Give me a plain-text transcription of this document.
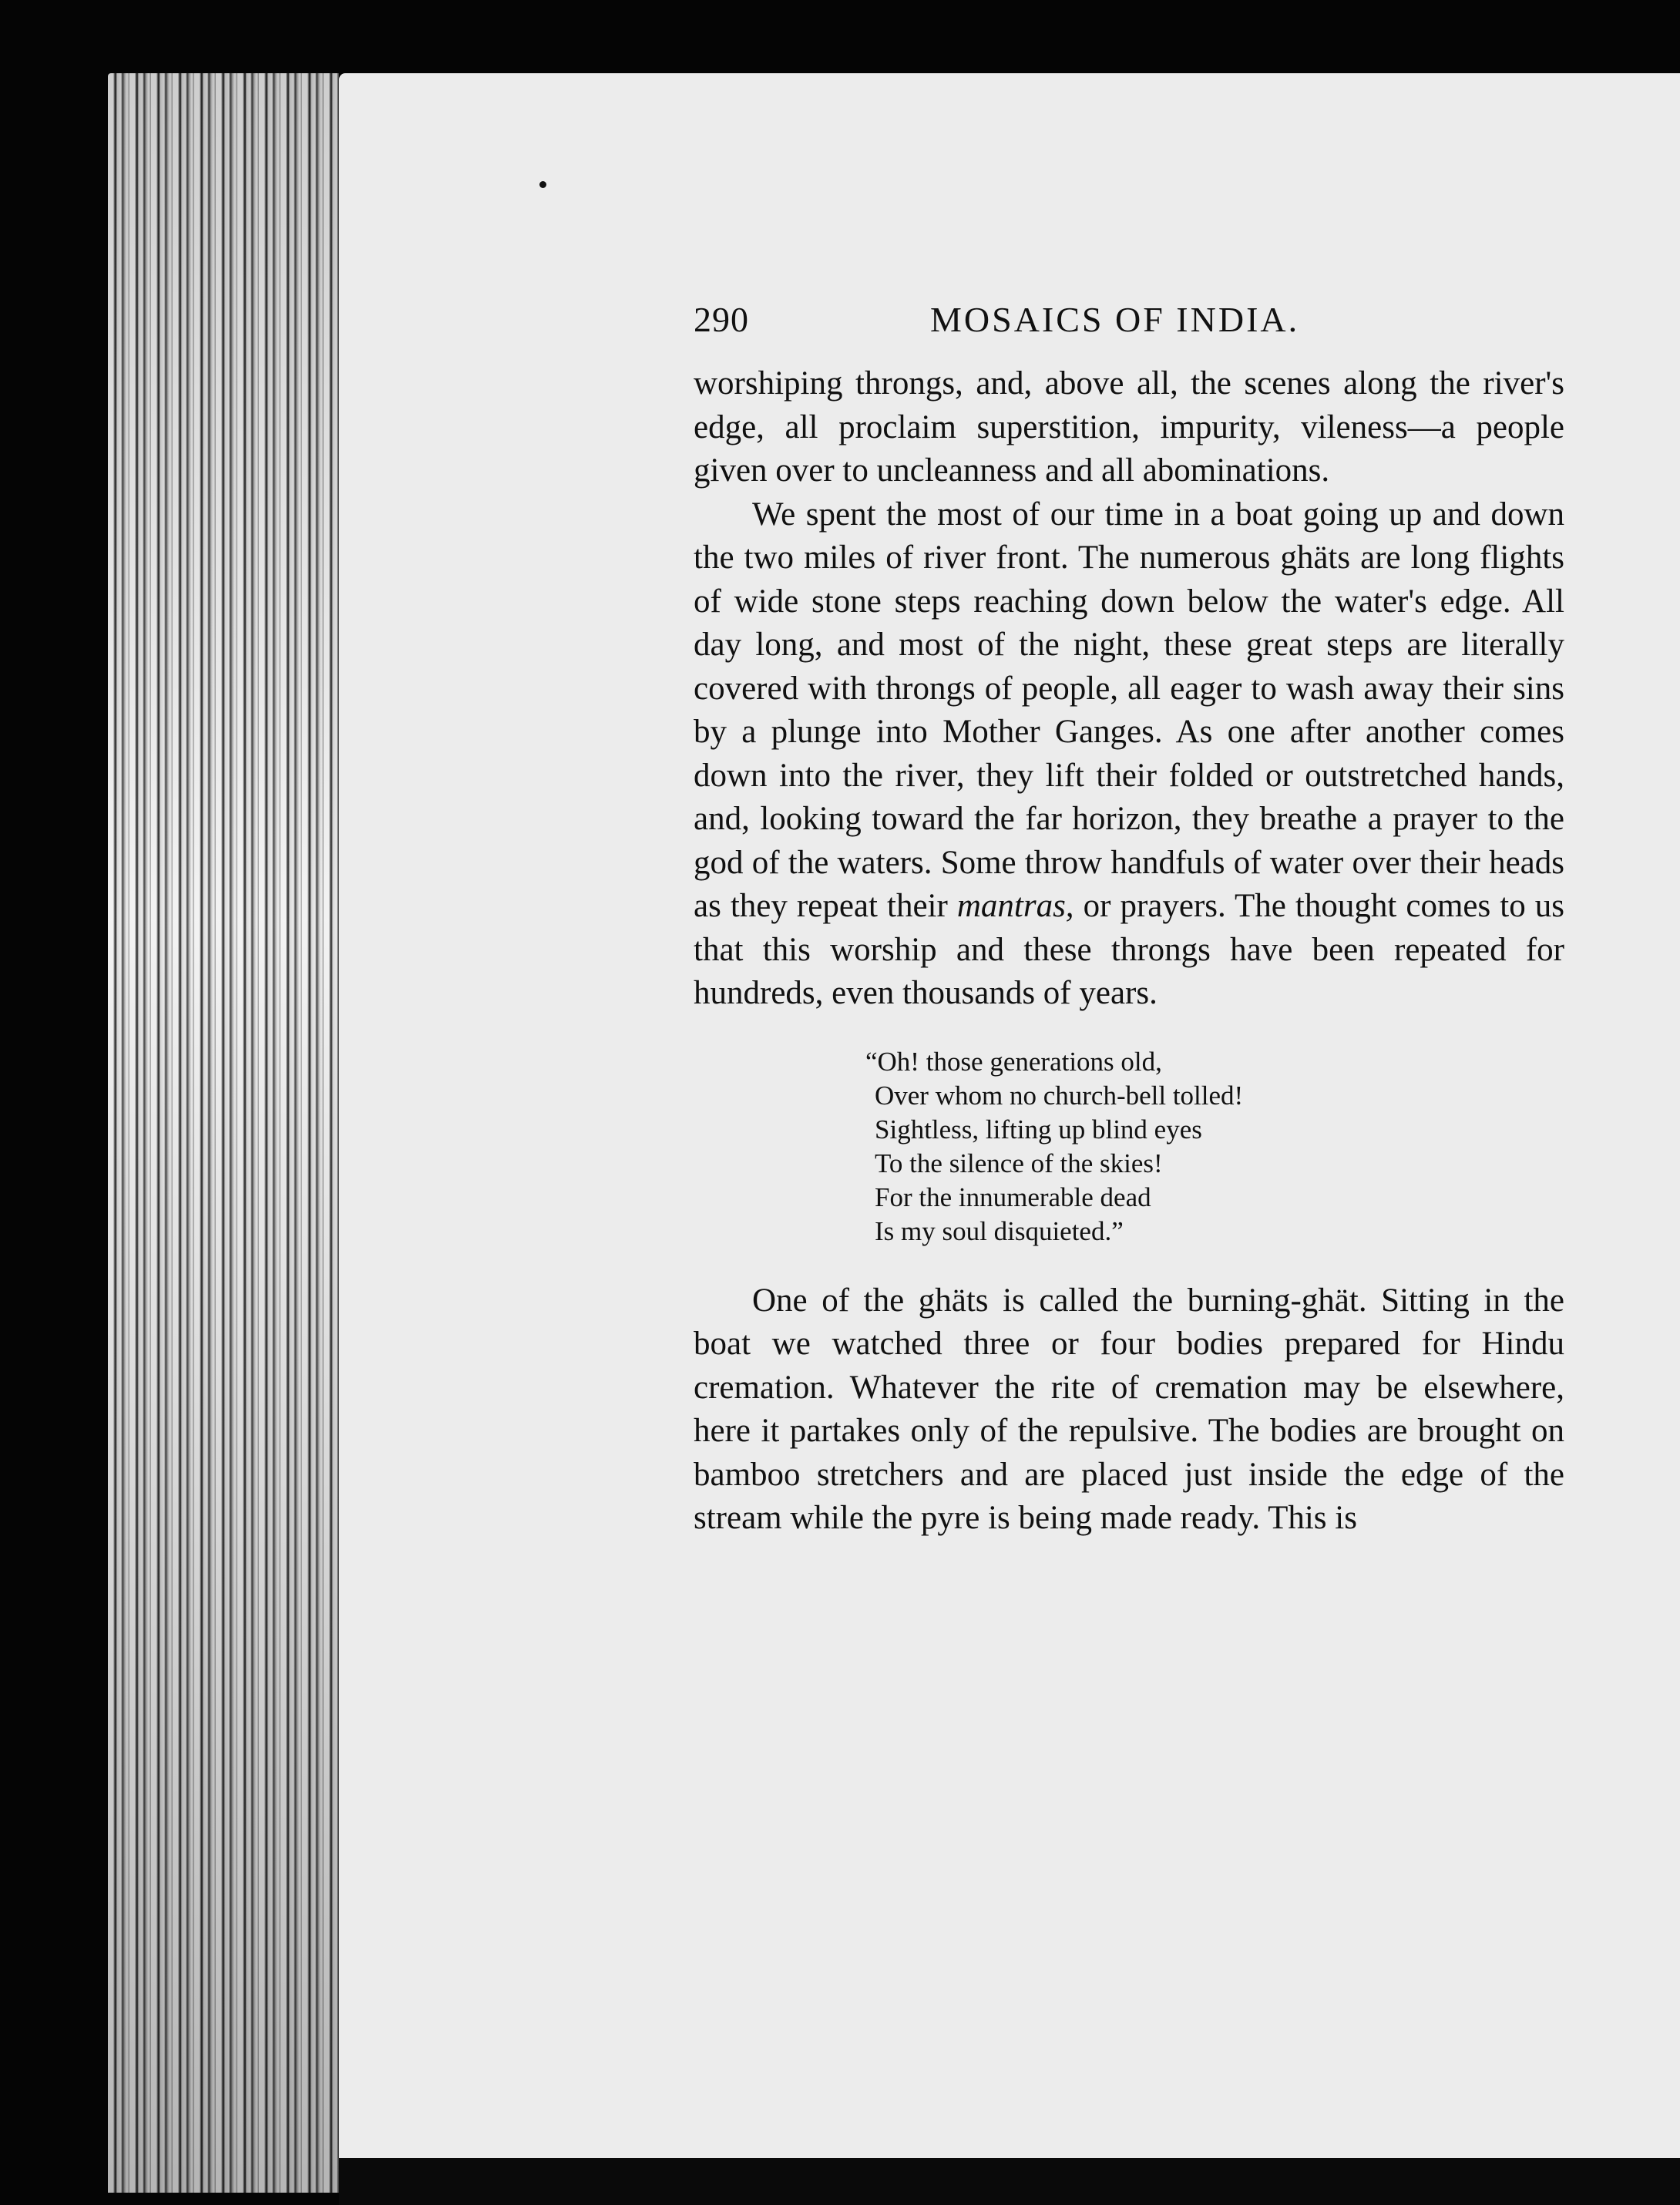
290	MOSAICS OF INDIA.

worshiping throngs, and, above all, the scenes along the river's edge, all proclaim superstition, impurity, vileness—a people given over to uncleanness and all abominations.

We spent the most of our time in a boat going up and down the two miles of river front. The numerous ghäts are long flights of wide stone steps reaching down below the water's edge. All day long, and most of the night, these great steps are literally covered with throngs of people, all eager to wash away their sins by a plunge into Mother Ganges. As one after another comes down into the river, they lift their folded or outstretched hands, and, looking toward the far horizon, they breathe a prayer to the god of the waters. Some throw handfuls of water over their heads as they repeat their mantras, or prayers. The thought comes to us that this worship and these throngs have been repeated for hundreds, even thousands of years.

“Oh! those generations old,
Over whom no church-bell tolled!
Sightless, lifting up blind eyes
To the silence of the skies!
For the innumerable dead
Is my soul disquieted.”

One of the ghäts is called the burning-ghät. Sitting in the boat we watched three or four bodies prepared for Hindu cremation. Whatever the rite of cremation may be elsewhere, here it partakes only of the repulsive. The bodies are brought on bamboo stretchers and are placed just inside the edge of the stream while the pyre is being made ready. This is
